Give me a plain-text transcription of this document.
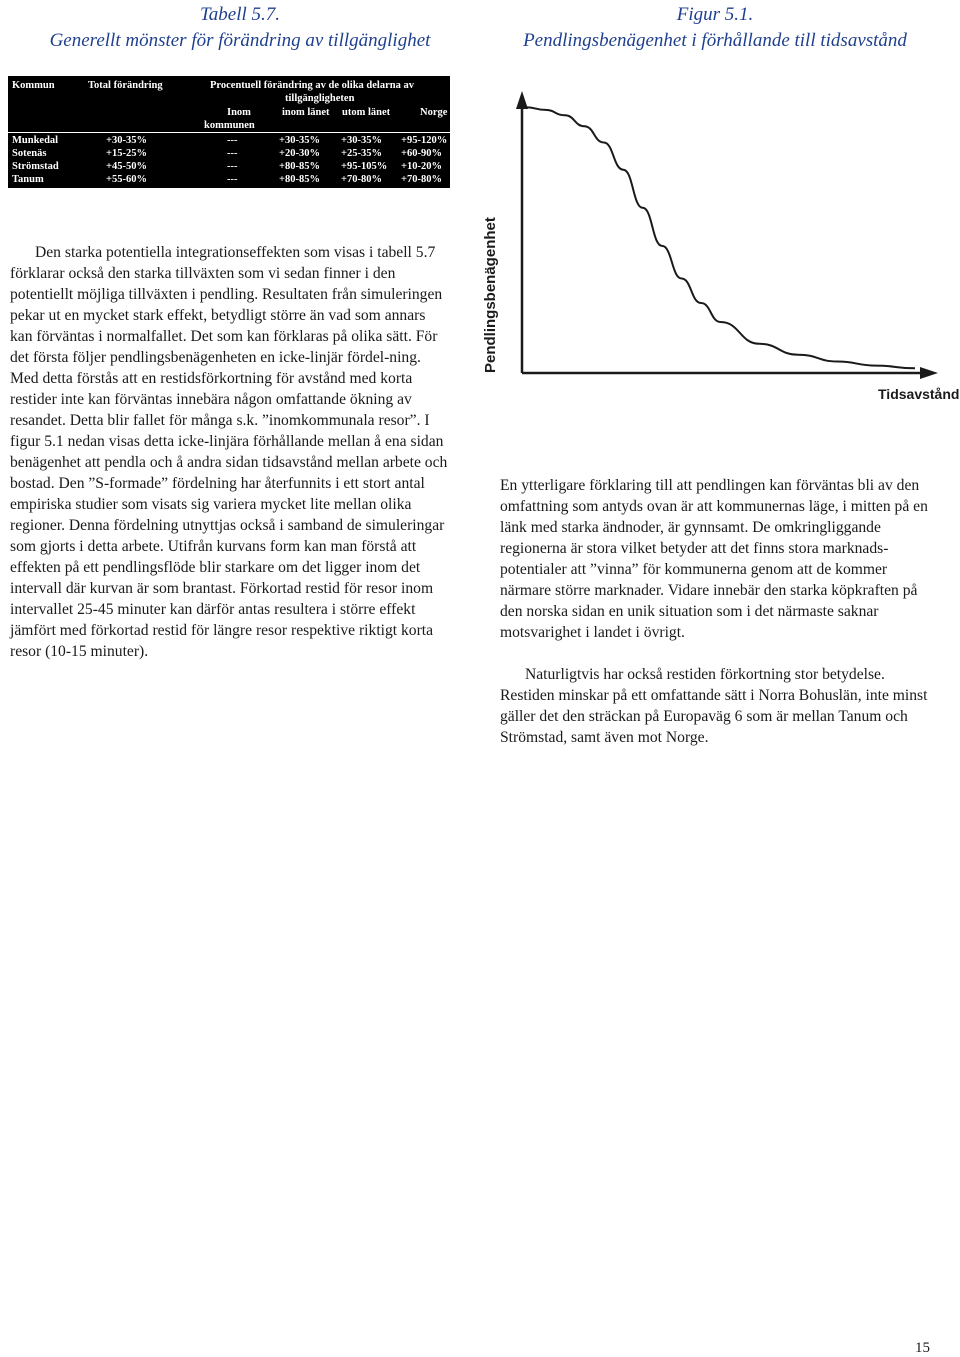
Tabell 5.7.
Generellt mönster för förändring av tillgänglighet
Figur 5.1.
Pendlingsbenägenhet i förhållande till tidsavstånd
Kommun	Total förändring	Procentuell förändring av de olika delarna av
tillgängligheten
Inom
kommunen
inom länet utom länet	Norge
Munkedal	+30-35%	---	+30-35% +30-35% +95-120%
Sotenäs	+15-25%	---	+20-30% +25-35% +60-90%
Strömstad	+45-50%	---	+80-85% +95-105% +10-20%
Tanum	+55-60%	---	+80-85% +70-80% +70-80%

Den starka potentiella integrationseffekten som visas i tabell 5.7 förklarar också den starka tillväxten som vi sedan finner i den potentiellt möjliga tillväxten i pendling. Resultaten från simuleringen pekar ut en mycket stark effekt, betydligt större än vad som annars kan förväntas i normalfallet. Det som kan förklaras på olika sätt. För det första följer pendlingsbenägenheten en icke-linjär fördel-ning. Med detta förstås att en restidsförkortning för avstånd med korta restider inte kan förväntas innebära någon omfattande ökning av resandet. Detta blir fallet för många s.k. ”inomkommunala resor”. I figur 5.1 nedan visas detta icke-linjära förhållande mellan å ena sidan benägenhet att pendla och å andra sidan tidsavstånd mellan arbete och bostad. Den ”S-formade” fördelning har återfunnits i ett stort antal empiriska studier som visats sig variera mycket lite mellan olika regioner. Denna fördelning utnyttjas också i samband de simuleringar som gjorts i detta arbete. Utifrån kurvans form kan man förstå att effekten på ett pendlingsflöde blir starkare om det ligger inom det intervall där kurvan är som brantast. Förkortad restid för resor inom intervallet 25-45 minuter kan därför antas resultera i större effekt jämfört med förkortad restid för längre resor respektive riktigt korta resor (10-15 minuter).

Pendlingsbenägenhet
Tidsavstånd

En ytterligare förklaring till att pendlingen kan förväntas bli av den omfattning som antyds ovan är att kommunernas läge, i mitten på en länk med starka ändnoder, är gynnsamt. De omkringliggande regionerna är stora vilket betyder att det finns stora marknads-potentialer att ”vinna” för kommunerna genom att de kommer närmare större marknader. Vidare innebär den starka köpkraften på den norska sidan en unik situation som i det närmaste saknar motsvarighet i landet i övrigt.

Naturligtvis har också restiden förkortning stor betydelse. Restiden minskar på ett omfattande sätt i Norra Bohuslän, inte minst gäller det den sträckan på Europaväg 6 som är mellan Tanum och Strömstad, samt även mot Norge.

15
